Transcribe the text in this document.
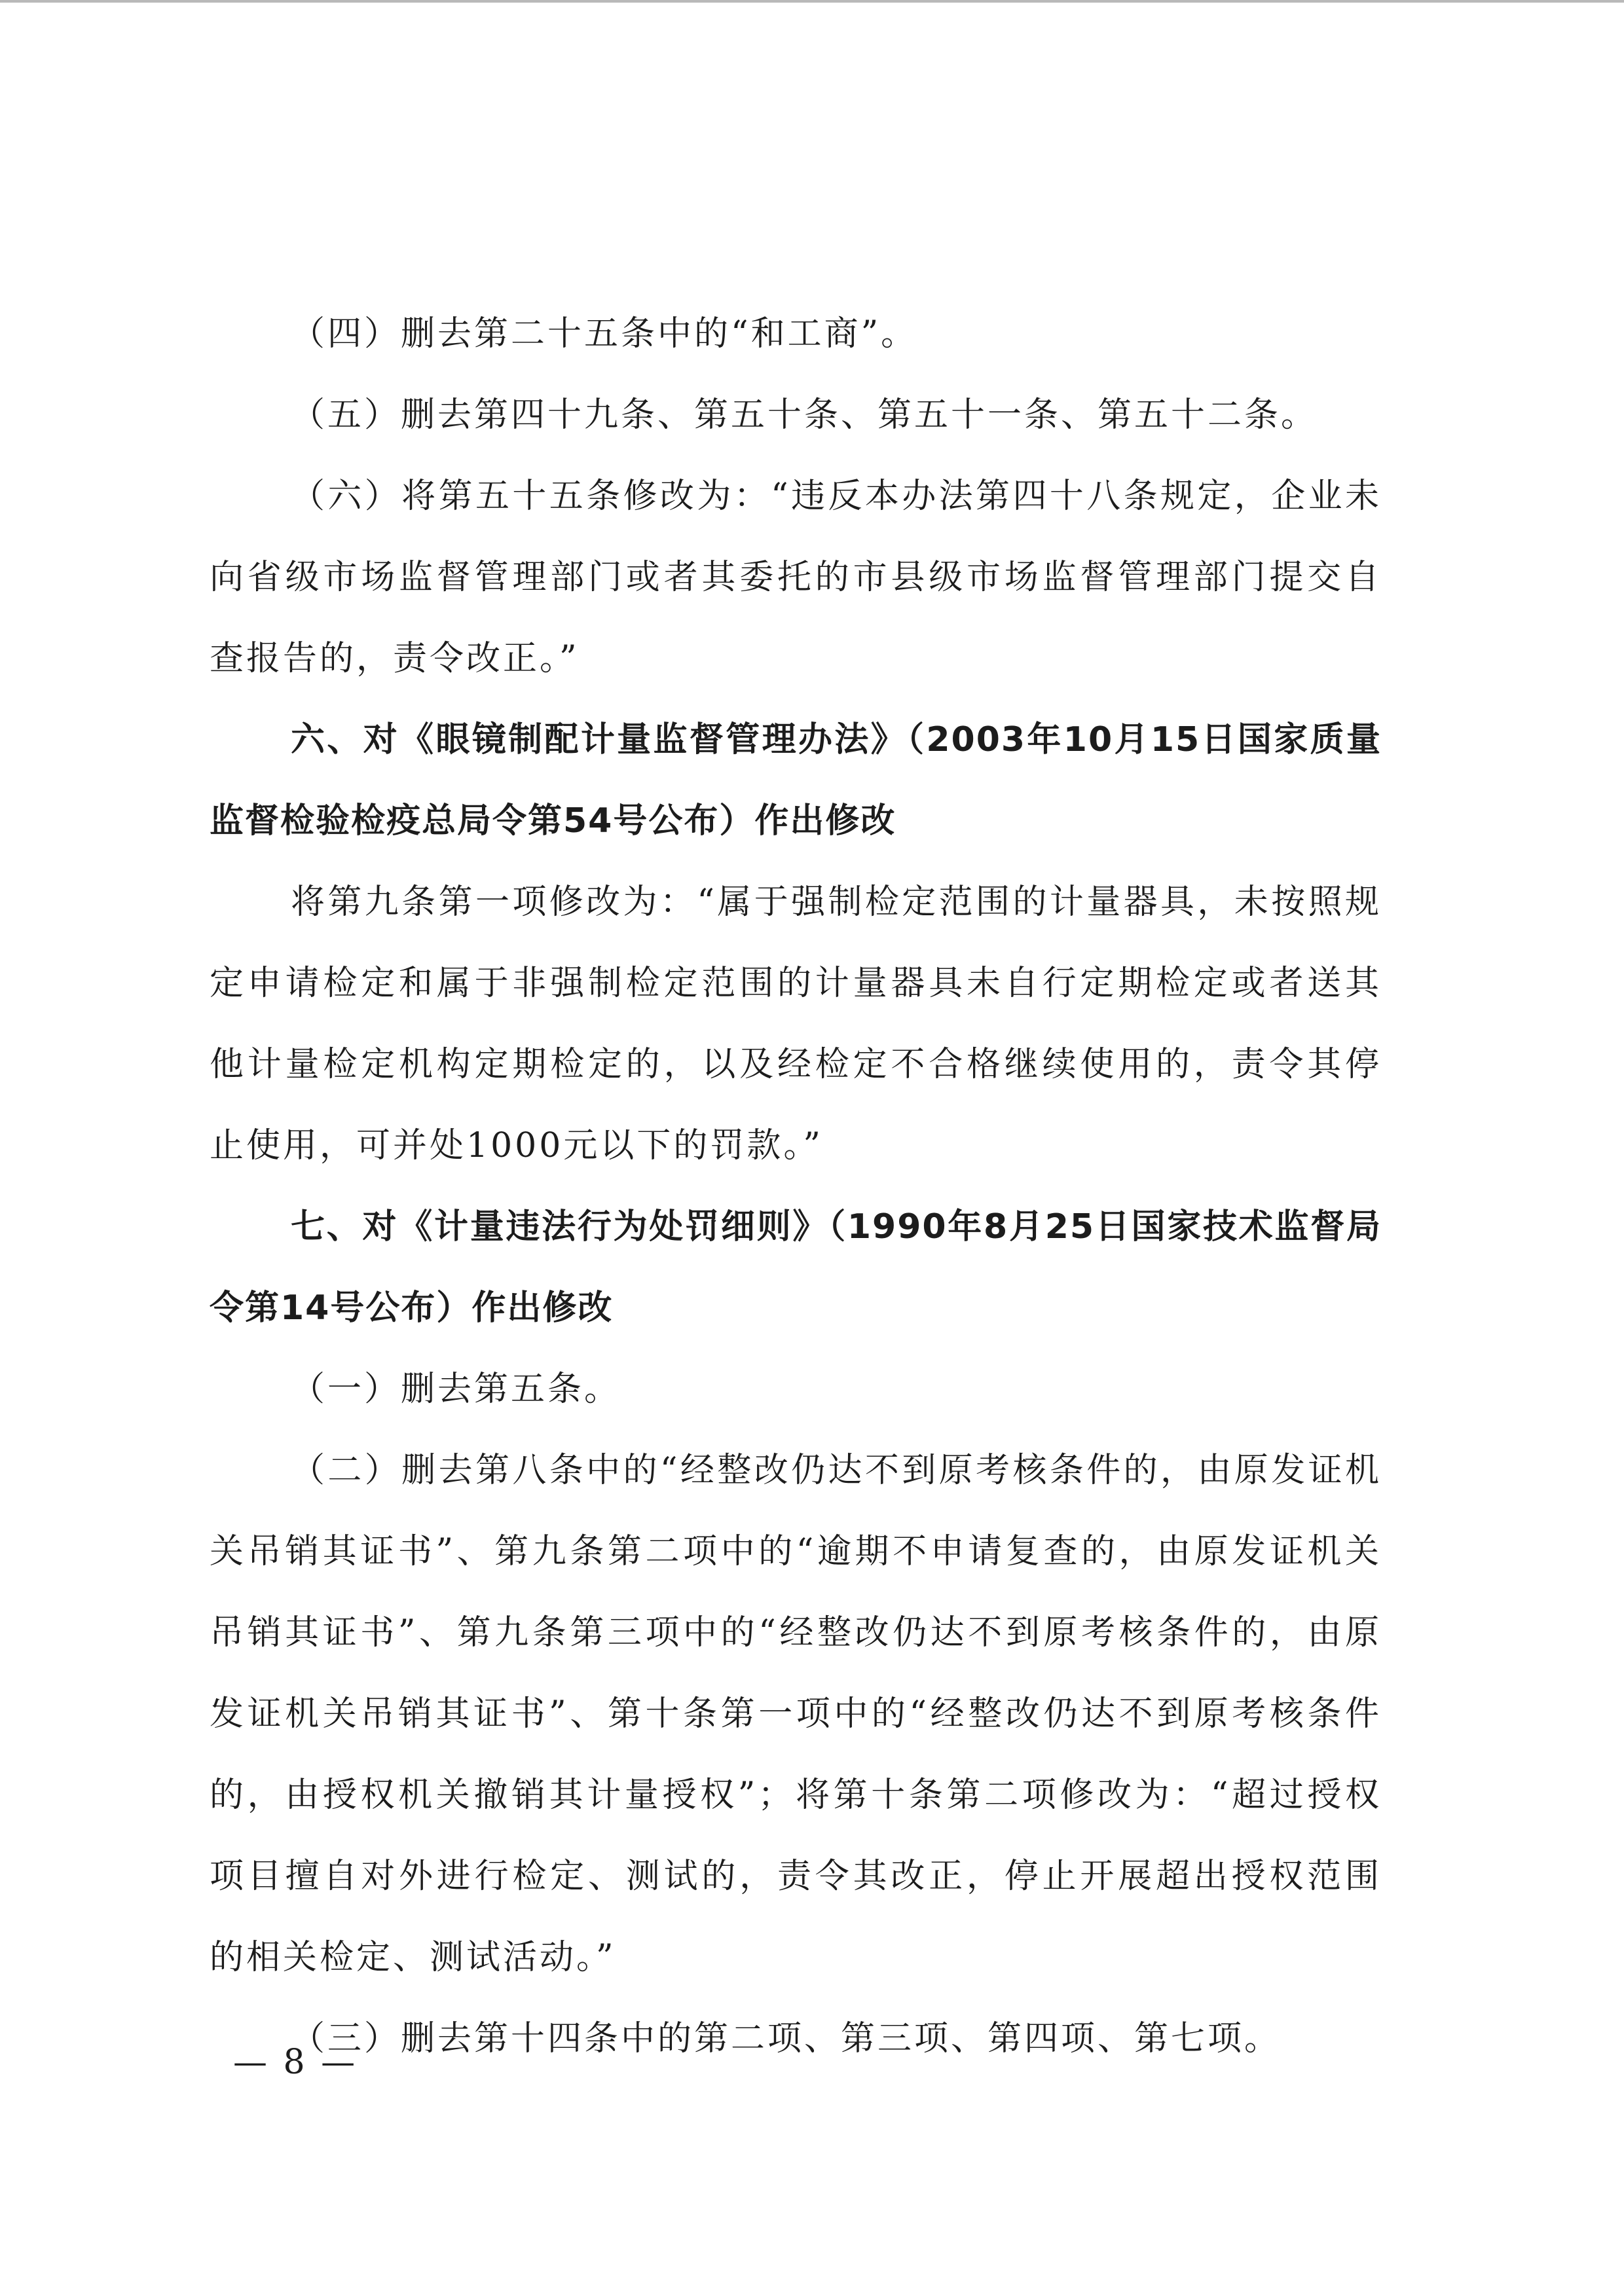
（四）删去第二十五条中的“和工商”。

（五）删去第四十九条、第五十条、第五十一条、第五十二条。

（六）将第五十五条修改为：“违反本办法第四十八条规定，企业未向省级市场监督管理部门或者其委托的市县级市场监督管理部门提交自查报告的，责令改正。”

六、对《眼镜制配计量监督管理办法》（2003年10月15日国家质量监督检验检疫总局令第54号公布）作出修改

将第九条第一项修改为：“属于强制检定范围的计量器具，未按照规定申请检定和属于非强制检定范围的计量器具未自行定期检定或者送其他计量检定机构定期检定的，以及经检定不合格继续使用的，责令其停止使用，可并处1000元以下的罚款。”

七、对《计量违法行为处罚细则》（1990年8月25日国家技术监督局令第14号公布）作出修改

（一）删去第五条。

（二）删去第八条中的“经整改仍达不到原考核条件的，由原发证机关吊销其证书”、第九条第二项中的“逾期不申请复查的，由原发证机关吊销其证书”、第九条第三项中的“经整改仍达不到原考核条件的，由原发证机关吊销其证书”、第十条第一项中的“经整改仍达不到原考核条件的，由授权机关撤销其计量授权”；将第十条第二项修改为：“超过授权项目擅自对外进行检定、测试的，责令其改正，停止开展超出授权范围的相关检定、测试活动。”

（三）删去第十四条中的第二项、第三项、第四项、第七项。

— 8 —
